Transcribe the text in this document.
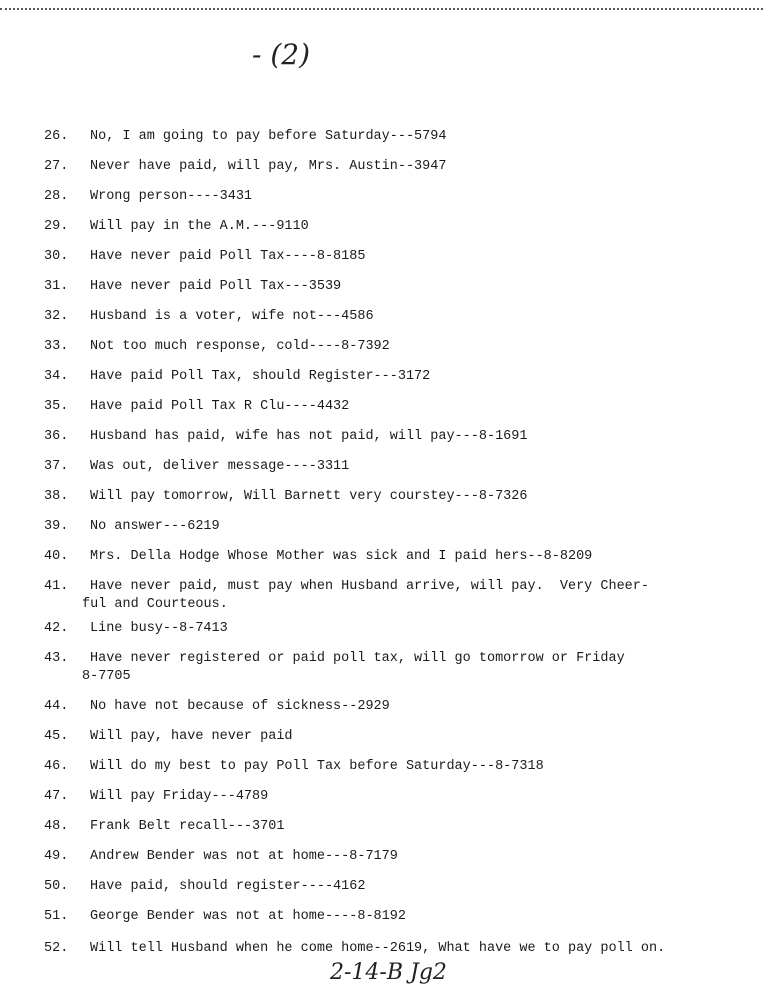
- (2)
26. No, I am going to pay before Saturday---5794
27. Never have paid, will pay, Mrs. Austin--3947
28. Wrong person----3431
29. Will pay in the A.M.---9110
30. Have never paid Poll Tax----8-8185
31. Have never paid Poll Tax---3539
32. Husband is a voter, wife not---4586
33. Not too much response, cold----8-7392
34. Have paid Poll Tax, should Register---3172
35. Have paid Poll Tax R Clu----4432
36. Husband has paid, wife has not paid, will pay---8-1691
37. Was out, deliver message----3311
38. Will pay tomorrow, Will Barnett very courstey---8-7326
39. No answer---6219
40. Mrs. Della Hodge Whose Mother was sick and I paid hers--8-8209
41. Have never paid, must pay when Husband arrive, will pay.  Very Cheer-
ful and Courteous.
42. Line busy--8-7413
43. Have never registered or paid poll tax, will go tomorrow or Friday
8-7705
44. No have not because of sickness--2929
45. Will pay, have never paid
46. Will do my best to pay Poll Tax before Saturday---8-7318
47. Will pay Friday---4789
48. Frank Belt recall---3701
49. Andrew Bender was not at home---8-7179
50. Have paid, should register----4162
51. George Bender was not at home----8-8192
52. Will tell Husband when he come home--2619, What have we to pay poll on.
2-14-B Jg2
